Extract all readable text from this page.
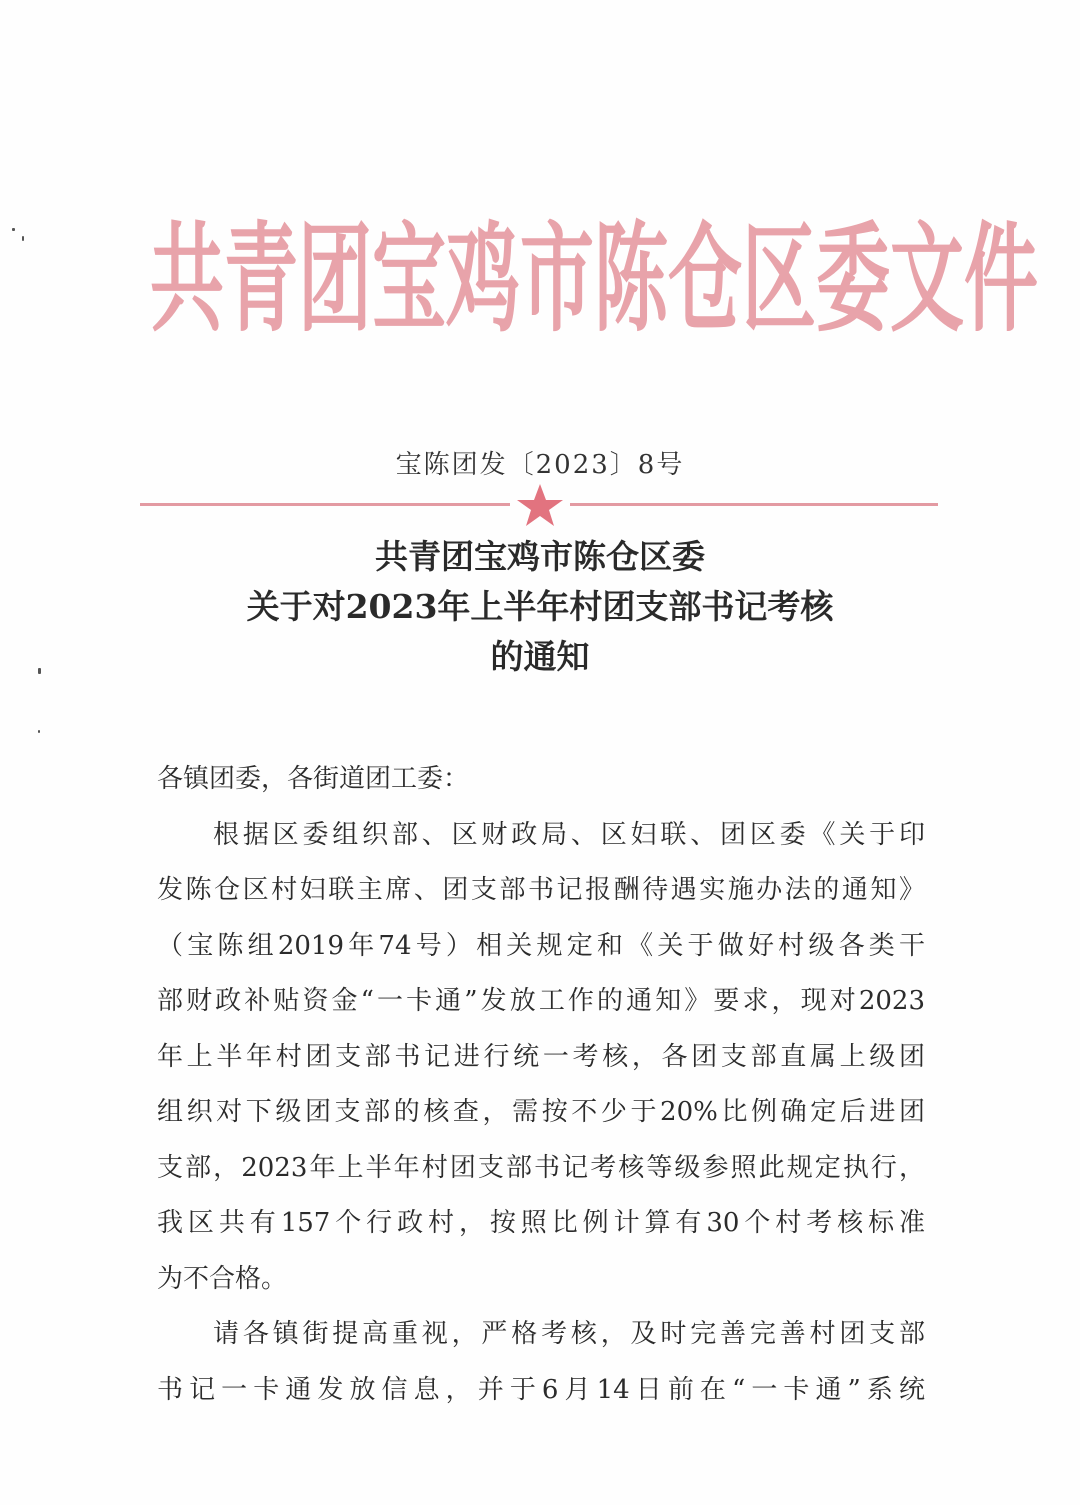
共 青 团 宝 鸡 市 陈 仓 区 委 文 件
宝陈团发〔2023〕8号
共青团宝鸡市陈仓区委
关于对2023年上半年村团支部书记考核
的通知
各镇团委，各街道团工委：
根据区委组织部、区财政局、区妇联、团区委《关于印
发陈仓区村妇联主席、团支部书记报酬待遇实施办法的通知》
（宝陈组2019年74号）相关规定和《关于做好村级各类干
部财政补贴资金“一卡通”发放工作的通知》要求，现对2023
年上半年村团支部书记进行统一考核，各团支部直属上级团
组织对下级团支部的核查，需按不少于20%比例确定后进团
支部，2023年上半年村团支部书记考核等级参照此规定执行，
我区共有157个行政村，按照比例计算有30个村考核标准
为不合格。
请各镇街提高重视，严格考核，及时完善完善村团支部
书记一卡通发放信息，并于6月14日前在“一卡通”系统
